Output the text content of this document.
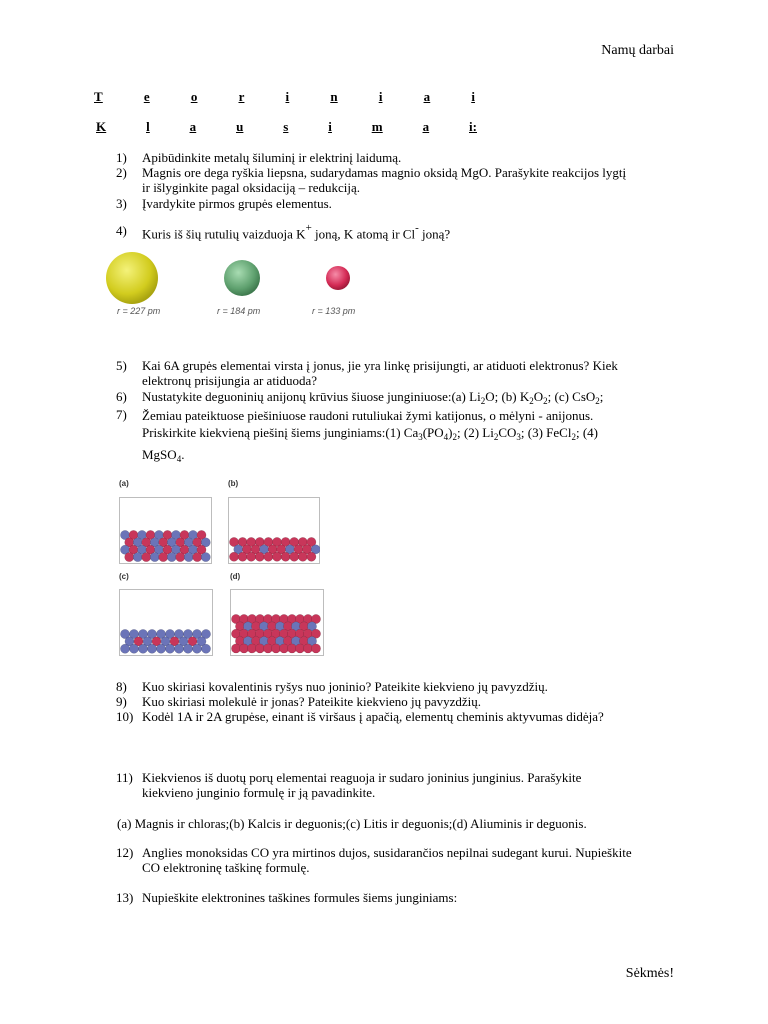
Namų darbai
T	e	o	r	i	n	i	a	i
K	l	a	u	s	i	m	a	i:
1) Apibūdinkite metalų šiluminį ir elektrinį laidumą.
2) Magnis ore dega ryškia liepsna, sudarydamas magnio oksidą MgO. Parašykite reakcijos lygtį
ir išlyginkite pagal oksidaciją – redukciją.
3) Įvardykite pirmos grupės elementus.
4) Kuris iš šių rutulių vaizduoja K+ joną, K atomą ir Cl- joną?
r = 227 pm	r = 184 pm	r = 133 pm
5) Kai 6A grupės elementai virsta į jonus, jie yra linkę prisijungti, ar atiduoti elektronus? Kiek
elektronų prisijungia ar atiduoda?
6) Nustatykite deguoninių anijonų krūvius šiuose junginiuose:(a) $Li_2O$; (b) $K_2O_2$; (c) CsO$_2$;
7) Žemiau pateiktuose piešiniuose raudoni rutuliukai žymi katijonus, o mėlyni - anijonus.
Priskirkite kiekvieną piešinį šiems junginiams:(1) $Ca_3(PO_4)_2$; (2) $Li_2CO_3$; (3) FeCl$_2$; (4)
MgSO$_4$.
(a)	(b)
(c)	(d)
8) Kuo skiriasi kovalentinis ryšys nuo joninio? Pateikite kiekvieno jų pavyzdžių.
9) Kuo skiriasi molekulė ir jonas? Pateikite kiekvieno jų pavyzdžių.
10) Kodėl 1A ir 2A grupėse, einant iš viršaus į apačią, elementų cheminis aktyvumas didėja?
11) Kiekvienos iš duotų porų elementai reaguoja ir sudaro joninius junginius. Parašykite
kiekvieno junginio formulę ir ją pavadinkite.
(a) Magnis ir chloras;(b) Kalcis ir deguonis;(c) Litis ir deguonis;(d) Aliuminis ir deguonis.
12) Anglies monoksidas CO yra mirtinos dujos, susidarančios nepilnai sudegant kurui. Nupieškite
CO elektroninę taškinę formulę.
13) Nupieškite elektronines taškines formules šiems junginiams:
Sėkmės!
